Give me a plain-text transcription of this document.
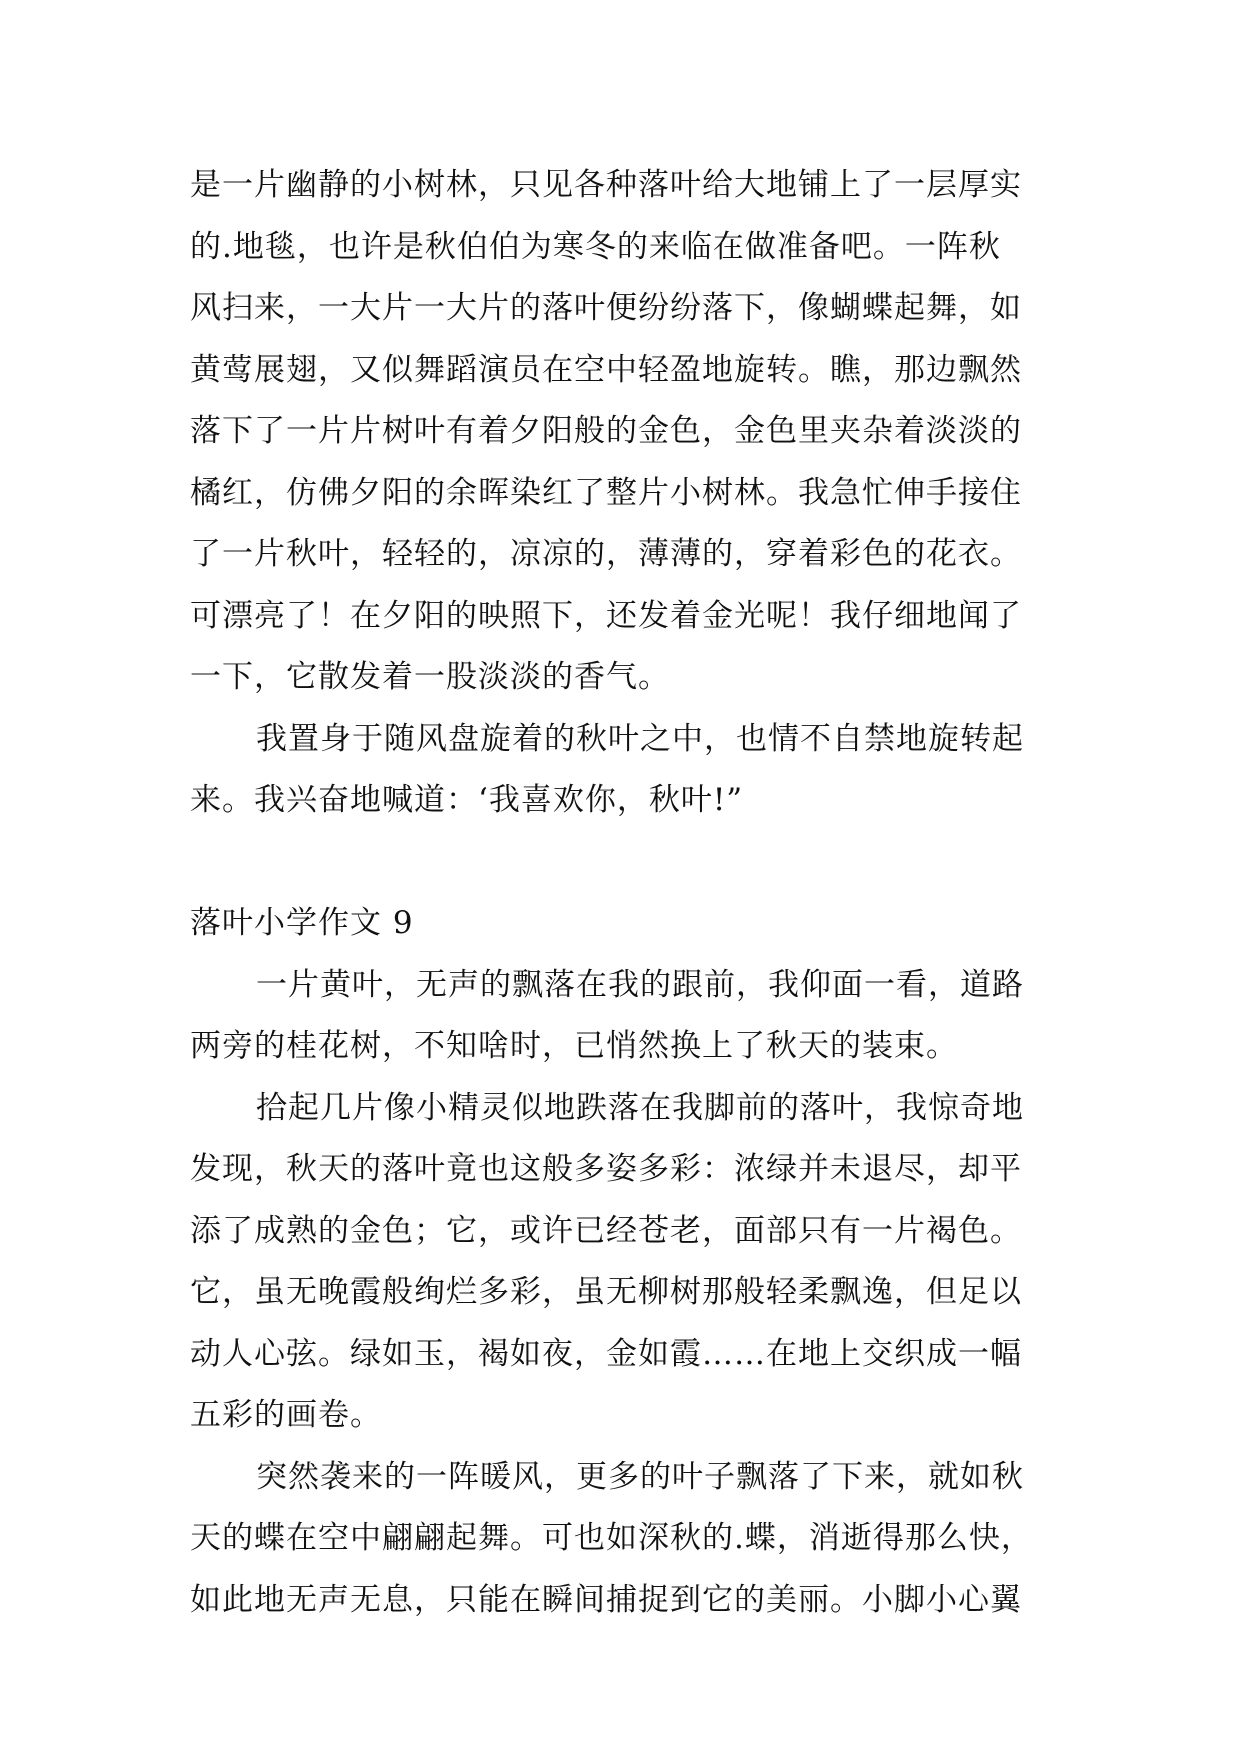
是一片幽静的小树林，只见各种落叶给大地铺上了一层厚实
的.地毯，也许是秋伯伯为寒冬的来临在做准备吧。一阵秋
风扫来，一大片一大片的落叶便纷纷落下，像蝴蝶起舞，如
黄莺展翅，又似舞蹈演员在空中轻盈地旋转。瞧，那边飘然
落下了一片片树叶有着夕阳般的金色，金色里夹杂着淡淡的
橘红，仿佛夕阳的余晖染红了整片小树林。我急忙伸手接住
了一片秋叶，轻轻的，凉凉的，薄薄的，穿着彩色的花衣。
可漂亮了！在夕阳的映照下，还发着金光呢！我仔细地闻了
一下，它散发着一股淡淡的香气。
我置身于随风盘旋着的秋叶之中，也情不自禁地旋转起
来。我兴奋地喊道：‘我喜欢你，秋叶!”
落叶小学作文 9
一片黄叶，无声的飘落在我的跟前，我仰面一看，道路
两旁的桂花树，不知啥时，已悄然换上了秋天的装束。
拾起几片像小精灵似地跌落在我脚前的落叶，我惊奇地
发现，秋天的落叶竟也这般多姿多彩：浓绿并未退尽，却平
添了成熟的金色；它，或许已经苍老，面部只有一片褐色。
它，虽无晚霞般绚烂多彩，虽无柳树那般轻柔飘逸，但足以
动人心弦。绿如玉，褐如夜，金如霞……在地上交织成一幅
五彩的画卷。
突然袭来的一阵暖风，更多的叶子飘落了下来，就如秋
天的蝶在空中翩翩起舞。可也如深秋的.蝶，消逝得那么快，
如此地无声无息，只能在瞬间捕捉到它的美丽。小脚小心翼
